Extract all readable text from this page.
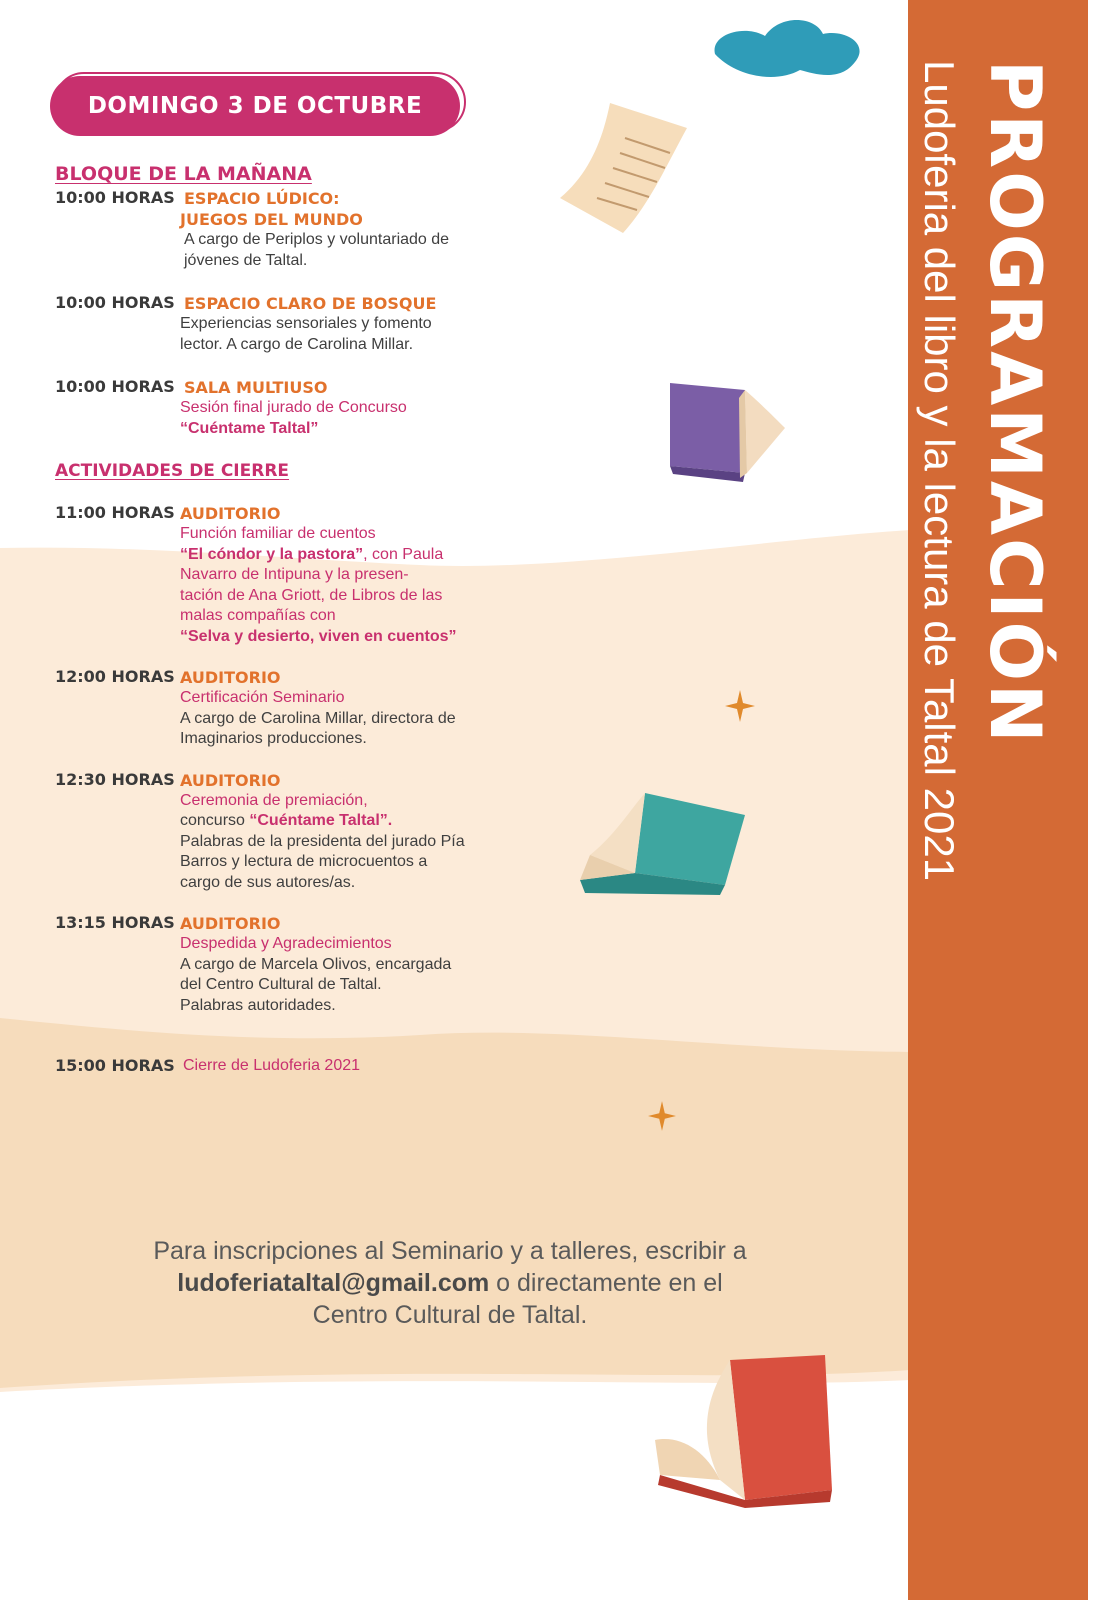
PROGRAMACIÓN
Ludoferia del libro y la lectura de Taltal 2021
DOMINGO 3 DE OCTUBRE
BLOQUE DE LA MAÑANA
10:00 HORAS ESPACIO LÚDICO:
JUEGOS DEL MUNDO
A cargo de Periplos y voluntariado de
jóvenes de Taltal.
10:00 HORAS ESPACIO CLARO DE BOSQUE
Experiencias sensoriales y fomento
lector. A cargo de Carolina Millar.
10:00 HORAS SALA MULTIUSO
Sesión final jurado de Concurso
“Cuéntame Taltal”
ACTIVIDADES DE CIERRE
11:00 HORAS AUDITORIO
Función familiar de cuentos
“El cóndor y la pastora”, con Paula
Navarro de Intipuna y la presen-
tación de Ana Griott, de Libros de las
malas compañías con
“Selva y desierto, viven en cuentos”
12:00 HORAS AUDITORIO
Certificación Seminario
A cargo de Carolina Millar, directora de
Imaginarios producciones.
12:30 HORAS AUDITORIO
Ceremonia de premiación,
concurso “Cuéntame Taltal”.
Palabras de la presidenta del jurado Pía
Barros y lectura de microcuentos a
cargo de sus autores/as.
13:15 HORAS AUDITORIO
Despedida y Agradecimientos
A cargo de Marcela Olivos, encargada
del Centro Cultural de Taltal.
Palabras autoridades.
15:00 HORAS Cierre de Ludoferia 2021
Para inscripciones al Seminario y a talleres, escribir a
ludoferiataltal@gmail.com o directamente en el
Centro Cultural de Taltal.
